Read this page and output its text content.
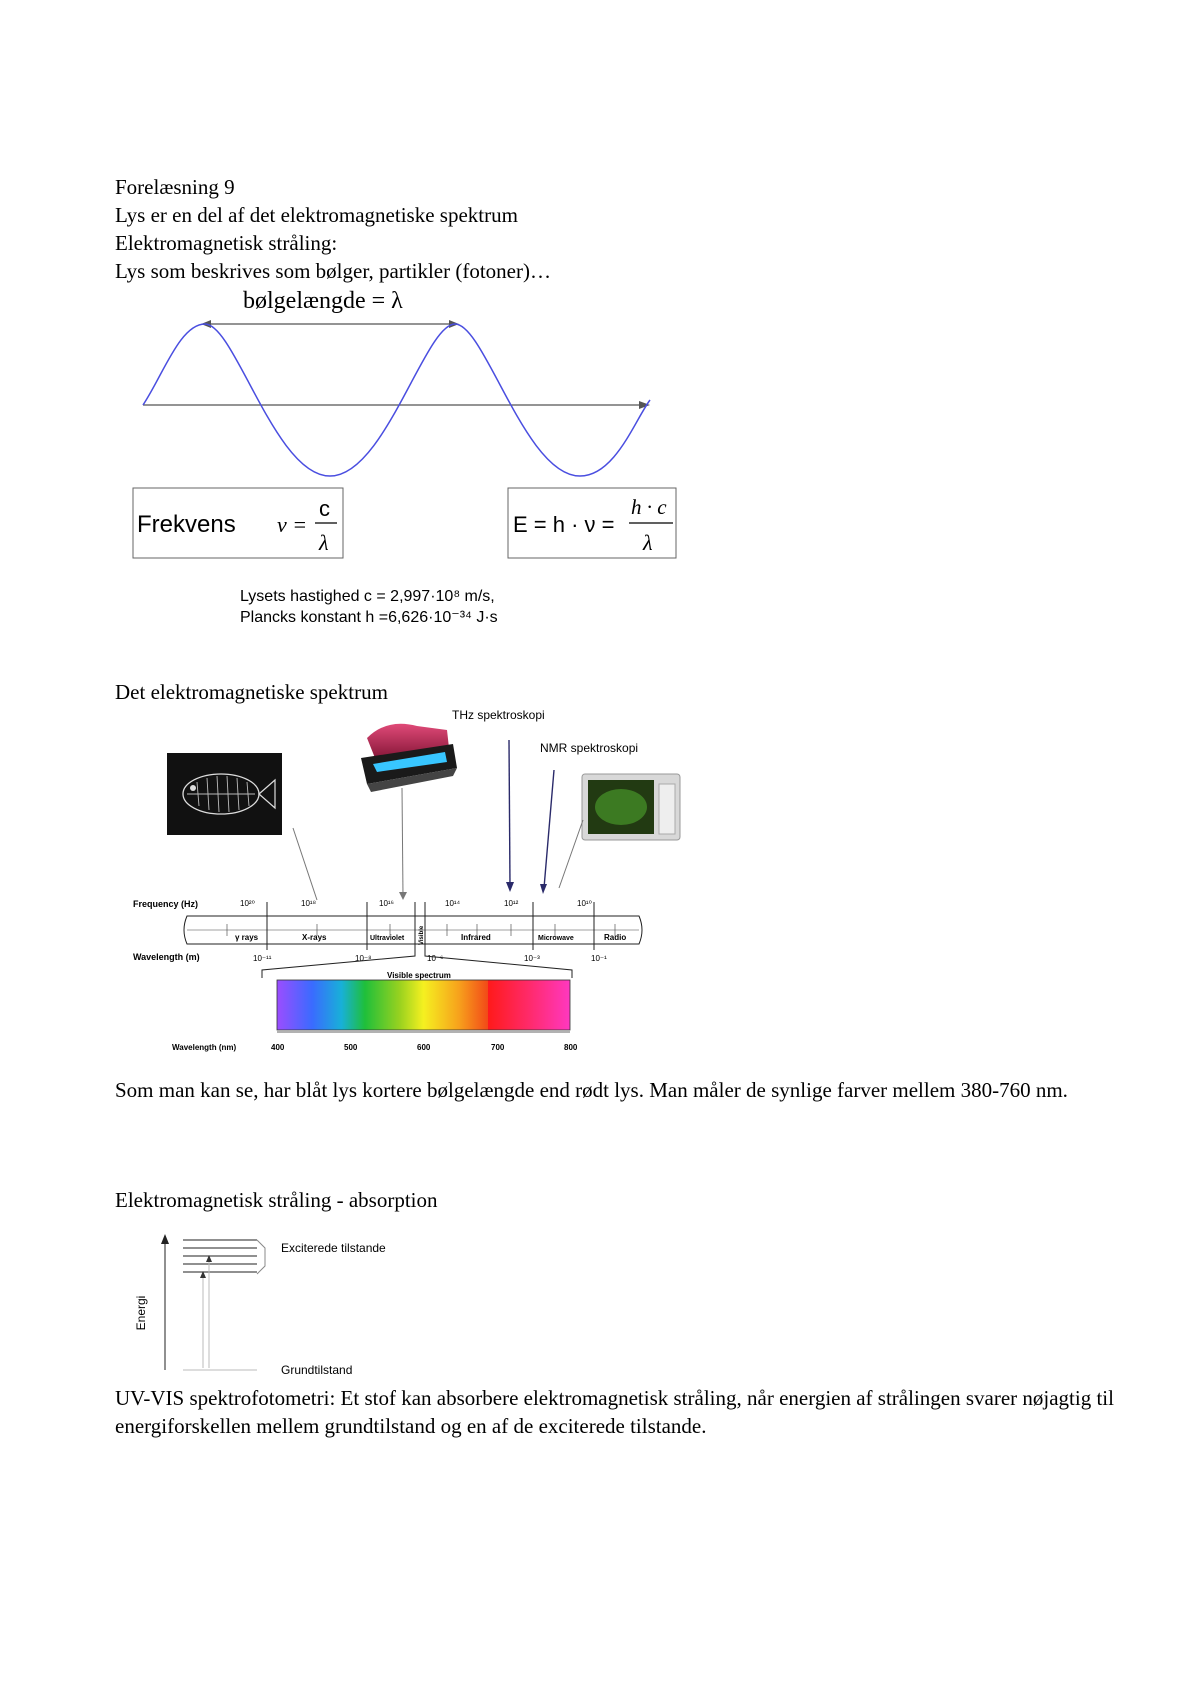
Forelæsning 9
Lys er en del af det elektromagnetiske spektrum
Elektromagnetisk stråling:
Lys som beskrives som bølger, partikler (fotoner)…
bølgelængde = λ
Frekvens ν =
c
λ
E = h · ν =
h · c
λ
Lysets hastighed c = 2,997·10⁸ m/s,
Plancks konstant h =6,626·10⁻³⁴ J·s
Det elektromagnetiske spektrum
THz spektroskopi
NMR spektroskopi
Frequency (Hz)
Wavelength (m)
10²⁰	10¹⁸	10¹⁶	10¹⁴	10¹²	10¹⁰
γ rays	X-rays	Ultraviolet Visible	Infrared	Microwave	Radio
10⁻¹¹	10⁻⁸	10⁻⁶	10⁻³	10⁻¹
Visible spectrum
Wavelength (nm)	400	500	600	700	800
Som man kan se, har blåt lys kortere bølgelængde end rødt lys. Man måler de synlige farver mellem 380-760 nm.
Elektromagnetisk stråling - absorption
Energi
Exciterede tilstande
Grundtilstand
UV-VIS spektrofotometri: Et stof kan absorbere elektromagnetisk stråling, når energien af strålingen svarer nøjagtig til energiforskellen mellem grundtilstand og en af de exciterede tilstande.
